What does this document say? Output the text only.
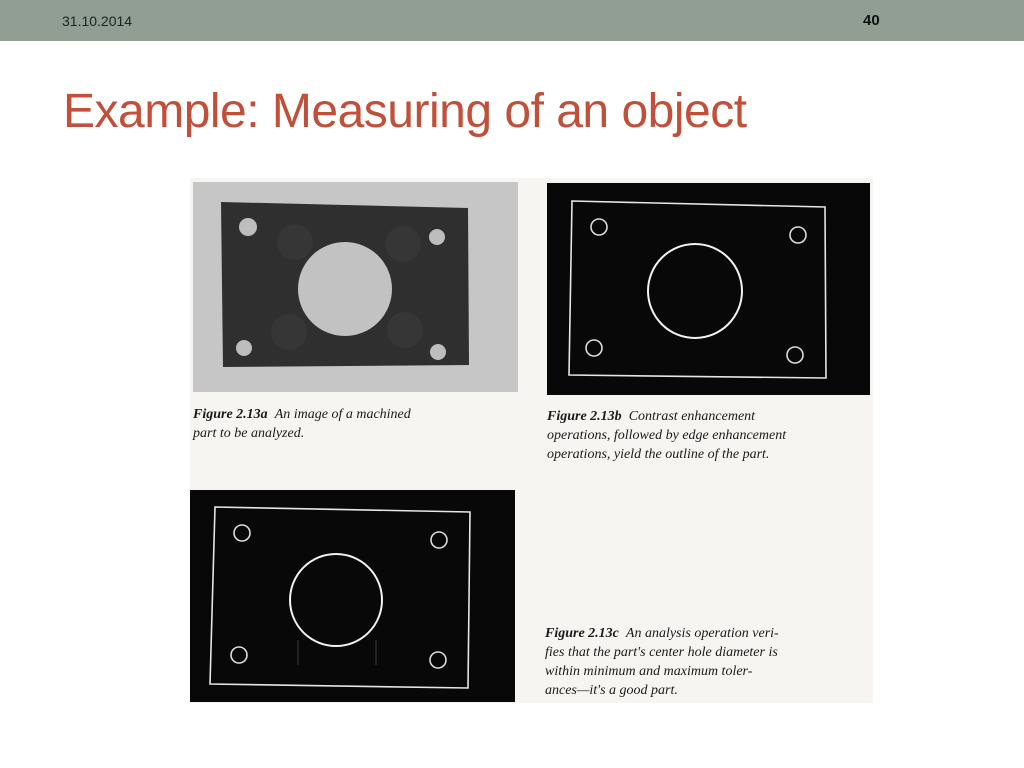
31.10.2014	40
Example: Measuring of an object
Figure 2.13a An image of a machined
part to be analyzed.
Figure 2.13b Contrast enhancement
operations, followed by edge enhancement
operations, yield the outline of the part.
Figure 2.13c An analysis operation veri-
fies that the part's center hole diameter is
within minimum and maximum toler-
ances—it's a good part.
